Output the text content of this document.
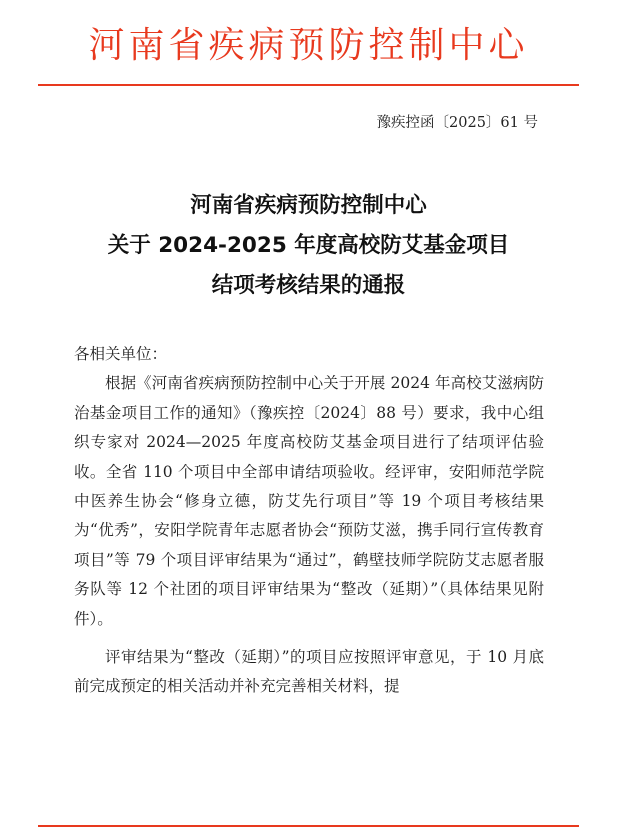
河南省疾病预防控制中心
豫疾控函〔2025〕61 号
河南省疾病预防控制中心
关于 2024-2025 年度高校防艾基金项目
结项考核结果的通报

各相关单位：

根据《河南省疾病预防控制中心关于开展 2024 年高校艾滋病防治基金项目工作的通知》（豫疾控〔2024〕88 号）要求，我中心组织专家对 2024—2025 年度高校防艾基金项目进行了结项评估验收。全省 110 个项目中全部申请结项验收。经评审，安阳师范学院中医养生协会“修身立德，防艾先行项目”等 19 个项目考核结果为“优秀”，安阳学院青年志愿者协会“预防艾滋，携手同行宣传教育项目”等 79 个项目评审结果为“通过”，鹤壁技师学院防艾志愿者服务队等 12 个社团的项目评审结果为“整改（延期）”（具体结果见附件）。

评审结果为“整改（延期）”的项目应按照评审意见，于 10 月底前完成预定的相关活动并补充完善相关材料，提
